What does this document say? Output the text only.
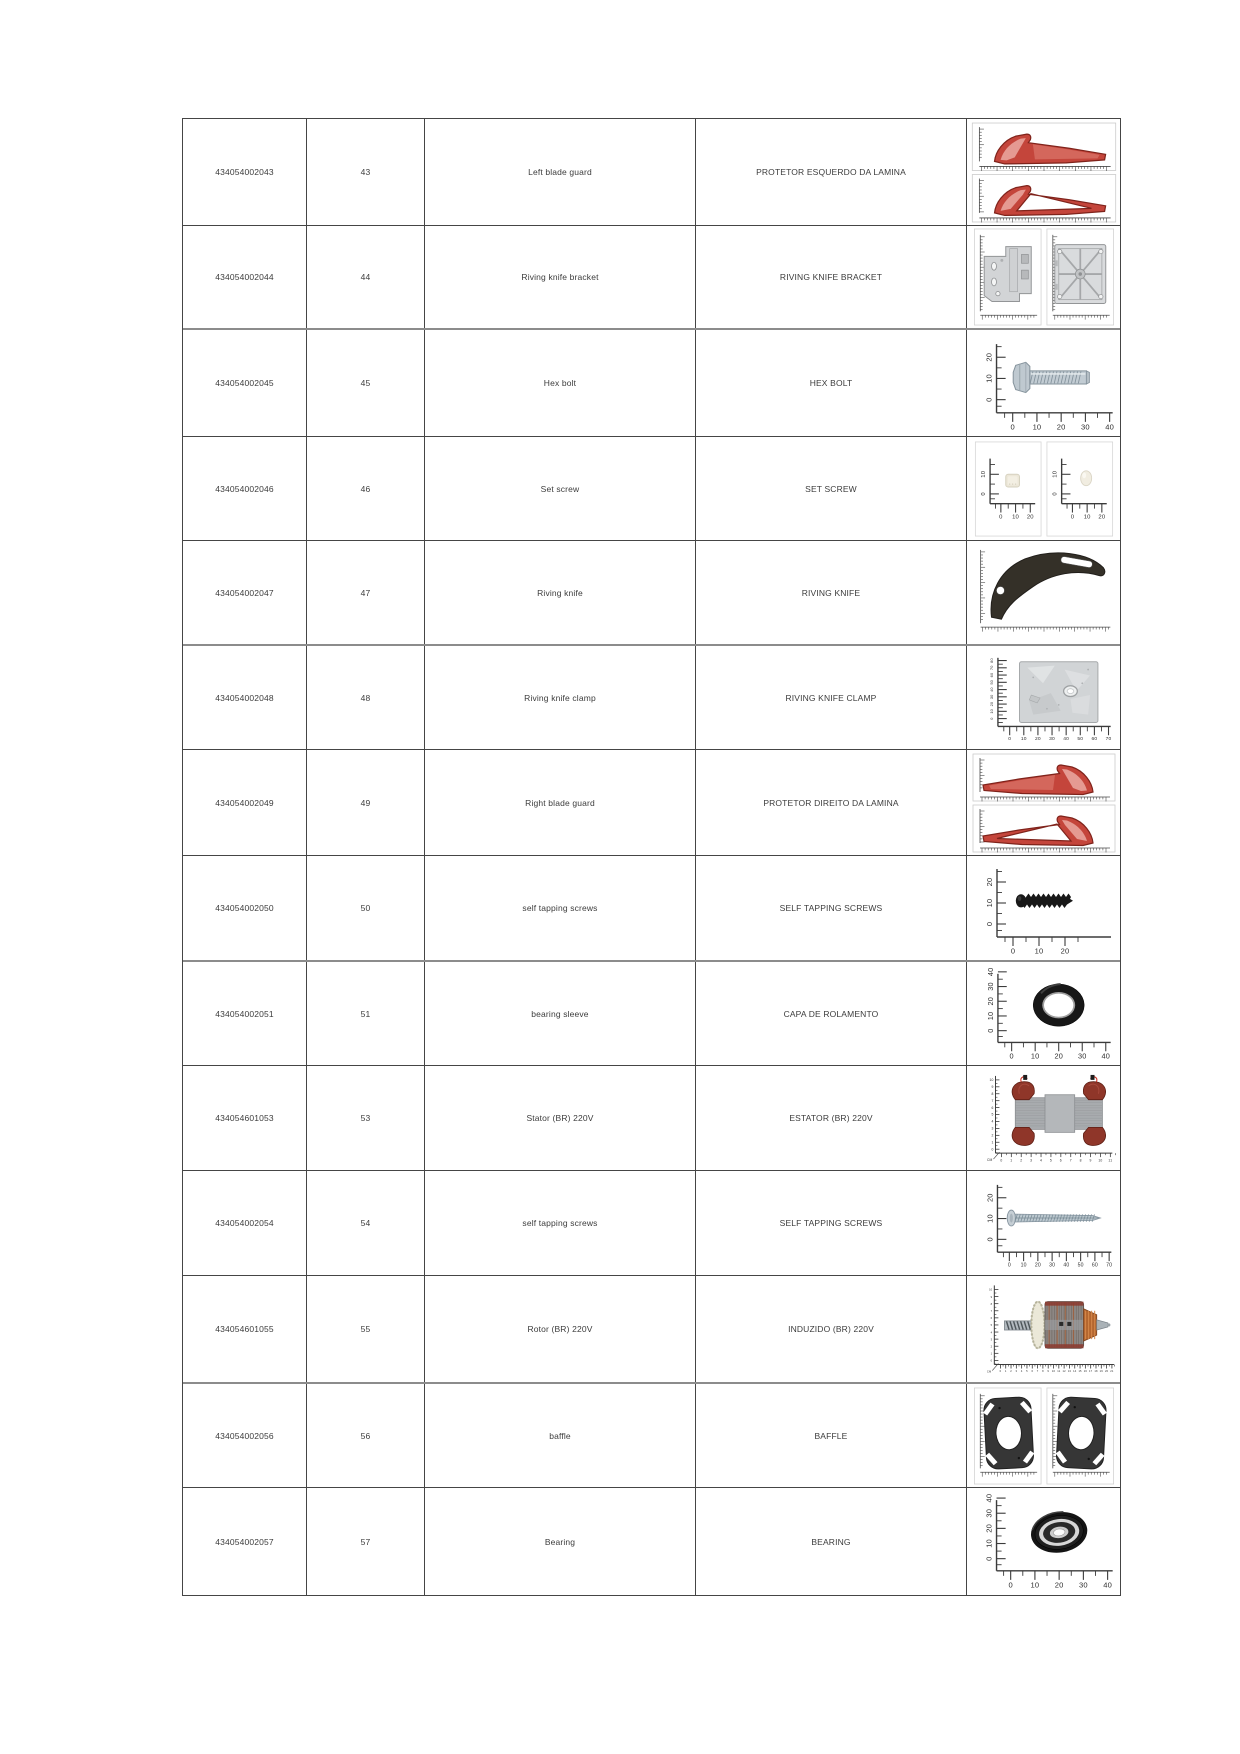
434054002043	43	Left blade guard	PROTETOR ESQUERDO DA LAMINA
434054002044	44	Riving knife bracket	RIVING KNIFE BRACKET
434054002045	45	Hex bolt	HEX BOLT
0
10
20
0 10 20 30 40
434054002046	46	Set screw	SET SCREW	0
10
0 10 20
0
10
0 10 20
434054002047	47	Riving knife	RIVING KNIFE
434054002048	48	Riving knife clamp	RIVING KNIFE CLAMP
0
10
20
30
40
50
60
70
80
0 10 20 30 40 50 60 70
434054002049	49	Right blade guard	PROTETOR DIREITO DA LAMINA
434054002050	50	self tapping screws	SELF TAPPING SCREWS
0
10
20
0	10 20
434054002051	51	bearing sleeve	CAPA DE ROLAMENTO
0
10
20
30
40
0 10 20 30 40
434054601053	53	Stator (BR) 220V	ESTATOR (BR) 220V
10
9
8
7
6
5
4
3
2
1
0
0 1 2 3 4 5 6 7 8 9 10 11
CM
434054002054	54	self tapping screws	SELF TAPPING SCREWS
0
10
20
0 10 20 30 40 50 60 70
434054601055	55	Rotor (BR) 220V	INDUZIDO (BR) 220V
10
9
8
7
6
5
4
3
2
1
0
0 1 2 3 4 5 6 7 8 9 10 11 12 13 14 15 16 17 18 19 20 21
CM
434054002056	56	baffle	BAFFLE
434054002057	57	Bearing	BEARING
0
10
20
30
40
0 10 20 30 40
